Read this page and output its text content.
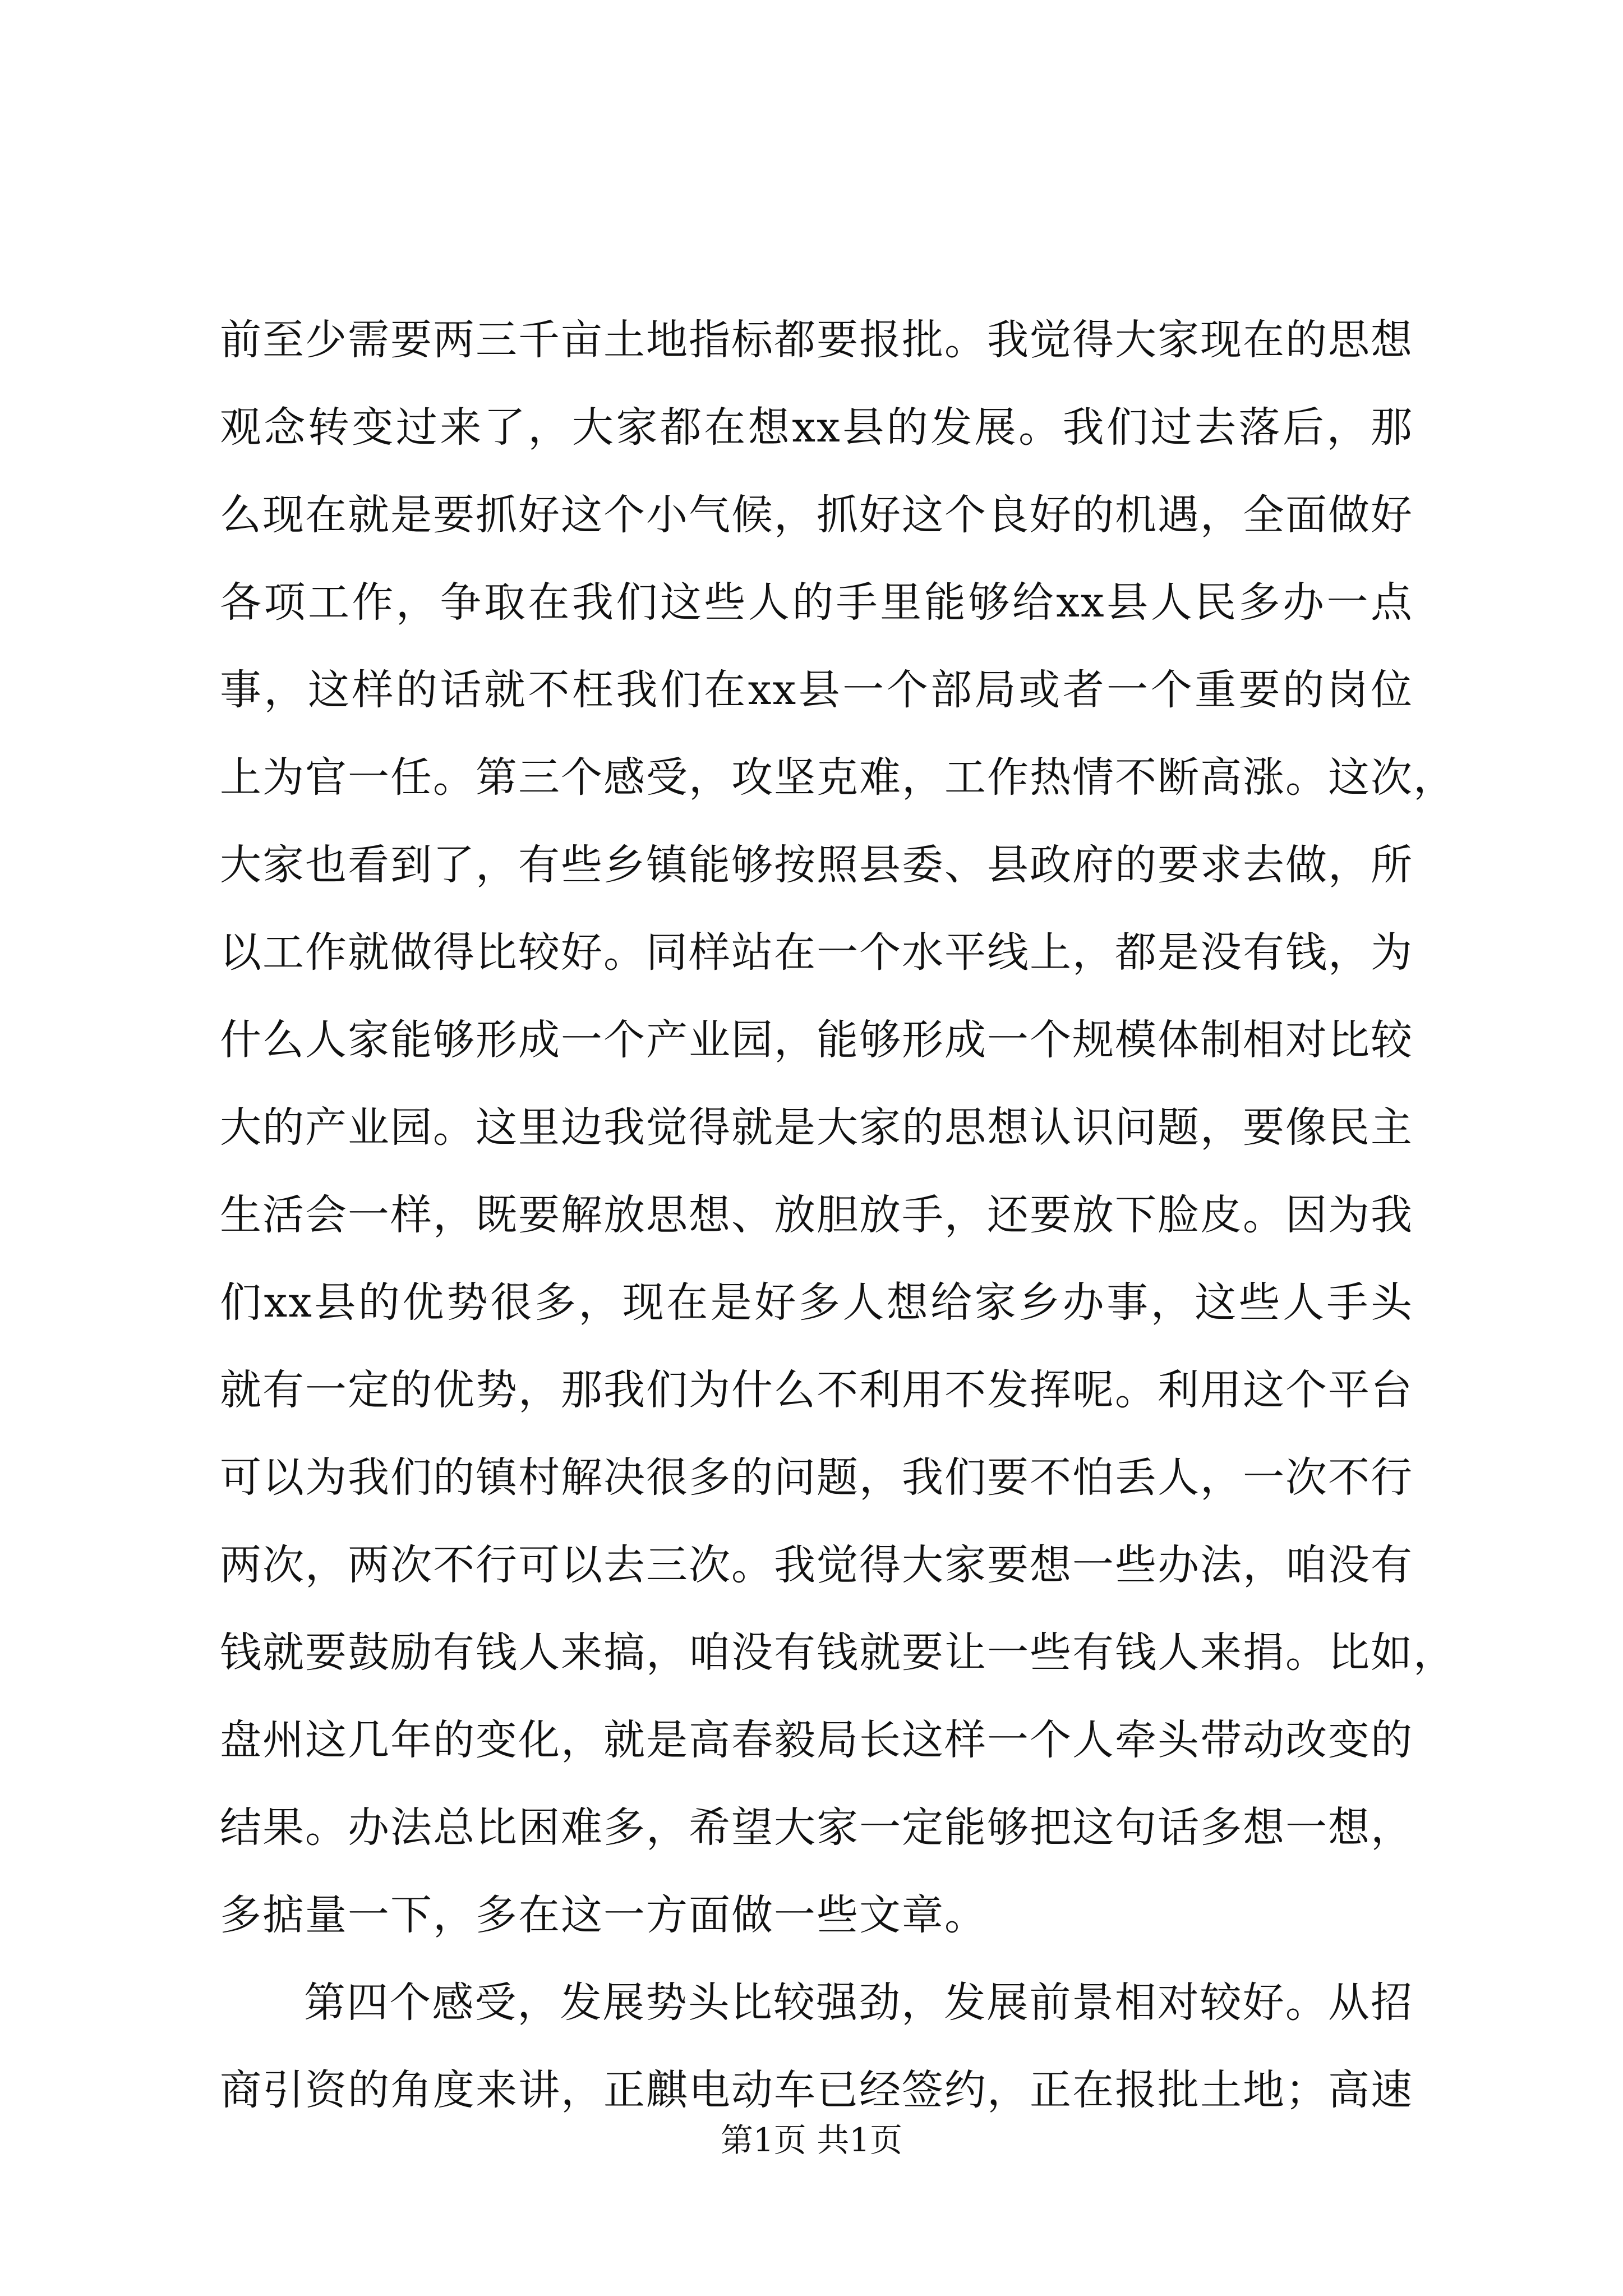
前至少需要两三千亩土地指标都要报批。我觉得大家现在的思想
观念转变过来了，大家都在想xx县的发展。我们过去落后，那
么现在就是要抓好这个小气候，抓好这个良好的机遇，全面做好
各项工作，争取在我们这些人的手里能够给xx县人民多办一点
事，这样的话就不枉我们在xx县一个部局或者一个重要的岗位
上为官一任。第三个感受，攻坚克难，工作热情不断高涨。这次，
大家也看到了，有些乡镇能够按照县委、县政府的要求去做，所
以工作就做得比较好。同样站在一个水平线上，都是没有钱，为
什么人家能够形成一个产业园，能够形成一个规模体制相对比较
大的产业园。这里边我觉得就是大家的思想认识问题，要像民主
生活会一样，既要解放思想、放胆放手，还要放下脸皮。因为我
们xx县的优势很多，现在是好多人想给家乡办事，这些人手头
就有一定的优势，那我们为什么不利用不发挥呢。利用这个平台
可以为我们的镇村解决很多的问题，我们要不怕丢人，一次不行
两次，两次不行可以去三次。我觉得大家要想一些办法，咱没有
钱就要鼓励有钱人来搞，咱没有钱就要让一些有钱人来捐。比如，
盘州这几年的变化，就是高春毅局长这样一个人牵头带动改变的
结果。办法总比困难多，希望大家一定能够把这句话多想一想，
多掂量一下，多在这一方面做一些文章。
第四个感受，发展势头比较强劲，发展前景相对较好。从招
商引资的角度来讲，正麒电动车已经签约，正在报批土地；高速
第1页 共1页
